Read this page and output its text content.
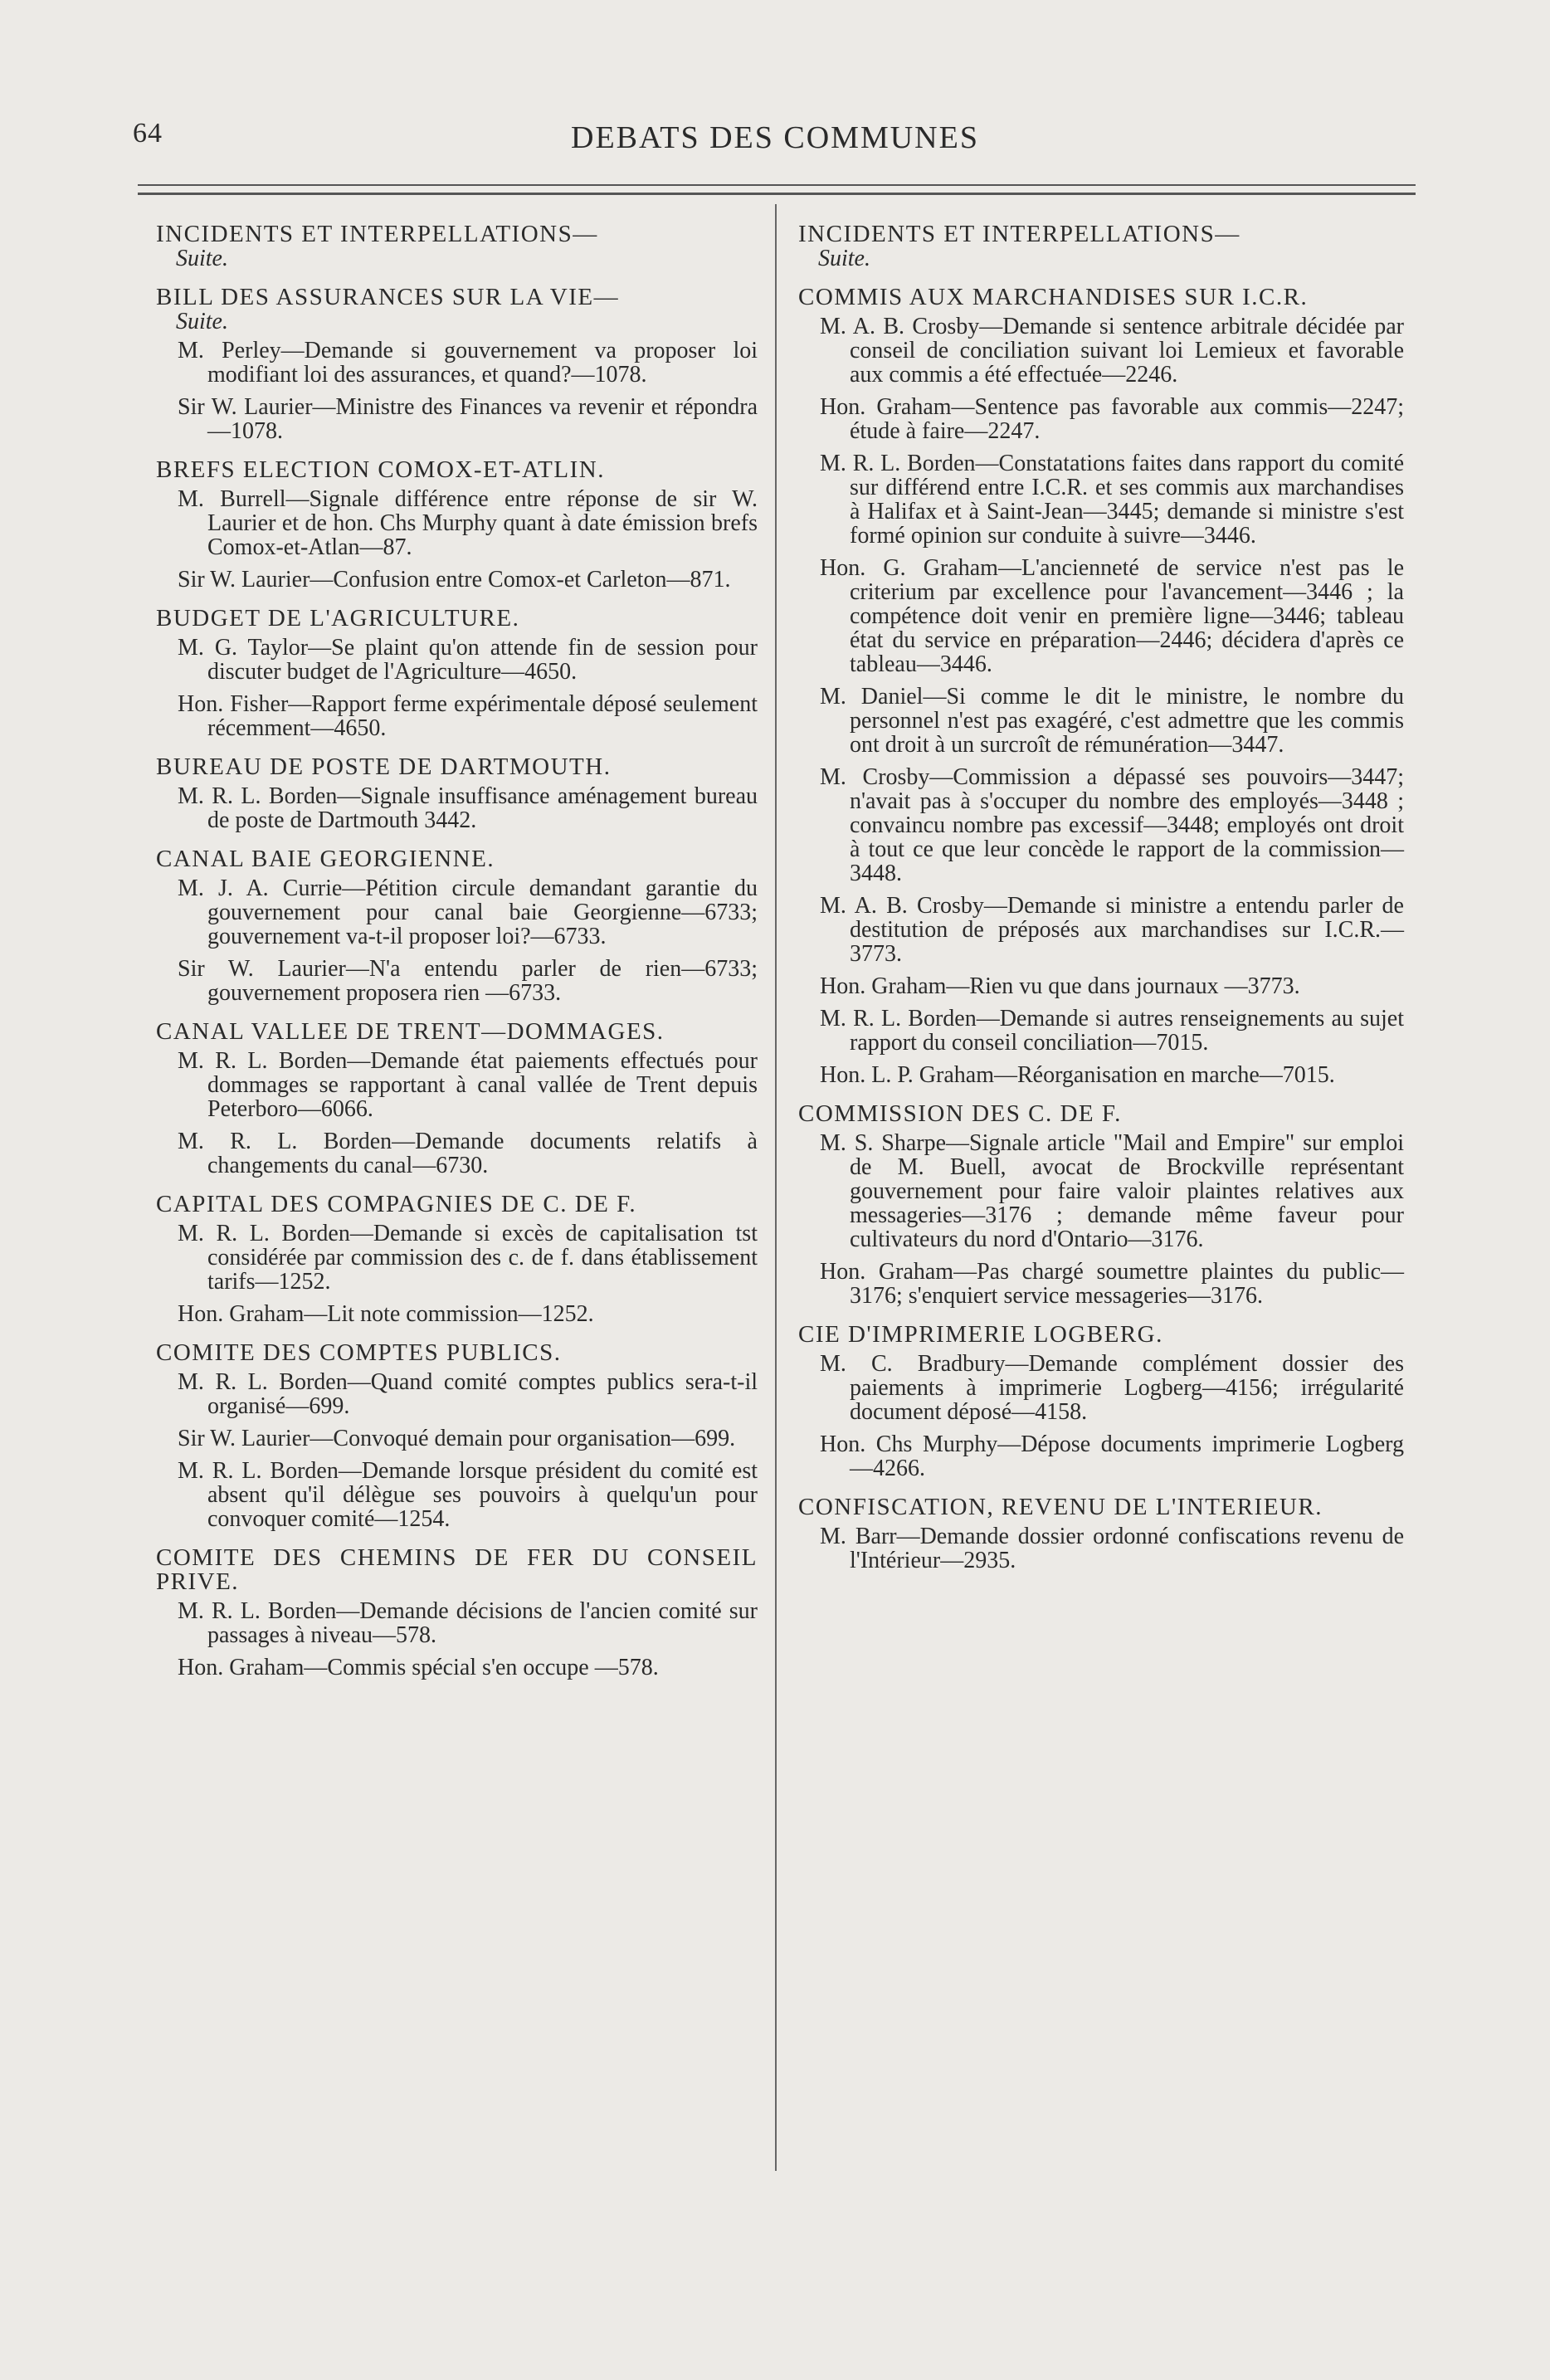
64	DEBATS DES COMMUNES
INCIDENTS ET INTERPELLATIONS—
Suite.
BILL DES ASSURANCES SUR LA VIE—
Suite.
M. Perley—Demande si gouvernement va proposer loi modifiant loi des assurances, et quand?—1078.
Sir W. Laurier—Ministre des Finances va revenir et répondra—1078.
BREFS ELECTION COMOX-ET-ATLIN.
M. Burrell—Signale différence entre réponse de sir W. Laurier et de hon. Chs Murphy quant à date émission brefs Comox-et-Atlan—87.
Sir W. Laurier—Confusion entre Comox-et Carleton—871.
BUDGET DE L'AGRICULTURE.
M. G. Taylor—Se plaint qu'on attende fin de session pour discuter budget de l'Agriculture—4650.
Hon. Fisher—Rapport ferme expérimentale déposé seulement récemment—4650.
BUREAU DE POSTE DE DARTMOUTH.
M. R. L. Borden—Signale insuffisance aménagement bureau de poste de Dartmouth 3442.
CANAL BAIE GEORGIENNE.
M. J. A. Currie—Pétition circule demandant garantie du gouvernement pour canal baie Georgienne—6733; gouvernement va-t-il proposer loi?—6733.
Sir W. Laurier—N'a entendu parler de rien—6733; gouvernement proposera rien —6733.
CANAL VALLEE DE TRENT—DOMMAGES.
M. R. L. Borden—Demande état paiements effectués pour dommages se rapportant à canal vallée de Trent depuis Peterboro—6066.
M. R. L. Borden—Demande documents relatifs à changements du canal—6730.
CAPITAL DES COMPAGNIES DE C. DE F.
M. R. L. Borden—Demande si excès de capitalisation tst considérée par commission des c. de f. dans établissement tarifs—1252.
Hon. Graham—Lit note commission—1252.
COMITE DES COMPTES PUBLICS.
M. R. L. Borden—Quand comité comptes publics sera-t-il organisé—699.
Sir W. Laurier—Convoqué demain pour organisation—699.
M. R. L. Borden—Demande lorsque président du comité est absent qu'il délègue ses pouvoirs à quelqu'un pour convoquer comité—1254.
COMITE DES CHEMINS DE FER DU CONSEIL PRIVE.
M. R. L. Borden—Demande décisions de l'ancien comité sur passages à niveau—578.
Hon. Graham—Commis spécial s'en occupe —578.
INCIDENTS ET INTERPELLATIONS—
Suite.
COMMIS AUX MARCHANDISES SUR I.C.R.
M. A. B. Crosby—Demande si sentence arbitrale décidée par conseil de conciliation suivant loi Lemieux et favorable aux commis a été effectuée—2246.
Hon. Graham—Sentence pas favorable aux commis—2247; étude à faire—2247.
M. R. L. Borden—Constatations faites dans rapport du comité sur différend entre I.C.R. et ses commis aux marchandises à Halifax et à Saint-Jean—3445; demande si ministre s'est formé opinion sur conduite à suivre—3446.
Hon. G. Graham—L'ancienneté de service n'est pas le criterium par excellence pour l'avancement—3446 ; la compétence doit venir en première ligne—3446; tableau état du service en préparation—2446; décidera d'après ce tableau—3446.
M. Daniel—Si comme le dit le ministre, le nombre du personnel n'est pas exagéré, c'est admettre que les commis ont droit à un surcroît de rémunération—3447.
M. Crosby—Commission a dépassé ses pouvoirs—3447; n'avait pas à s'occuper du nombre des employés—3448 ; convaincu nombre pas excessif—3448; employés ont droit à tout ce que leur concède le rapport de la commission—3448.
M. A. B. Crosby—Demande si ministre a entendu parler de destitution de préposés aux marchandises sur I.C.R.—3773.
Hon. Graham—Rien vu que dans journaux —3773.
M. R. L. Borden—Demande si autres renseignements au sujet rapport du conseil conciliation—7015.
Hon. L. P. Graham—Réorganisation en marche—7015.
COMMISSION DES C. DE F.
M. S. Sharpe—Signale article "Mail and Empire" sur emploi de M. Buell, avocat de Brockville représentant gouvernement pour faire valoir plaintes relatives aux messageries—3176 ; demande même faveur pour cultivateurs du nord d'Ontario—3176.
Hon. Graham—Pas chargé soumettre plaintes du public—3176; s'enquiert service messageries—3176.
CIE D'IMPRIMERIE LOGBERG.
M. C. Bradbury—Demande complément dossier des paiements à imprimerie Logberg—4156; irrégularité document déposé—4158.
Hon. Chs Murphy—Dépose documents imprimerie Logberg—4266.
CONFISCATION, REVENU DE L'INTERIEUR.
M. Barr—Demande dossier ordonné confiscations revenu de l'Intérieur—2935.
